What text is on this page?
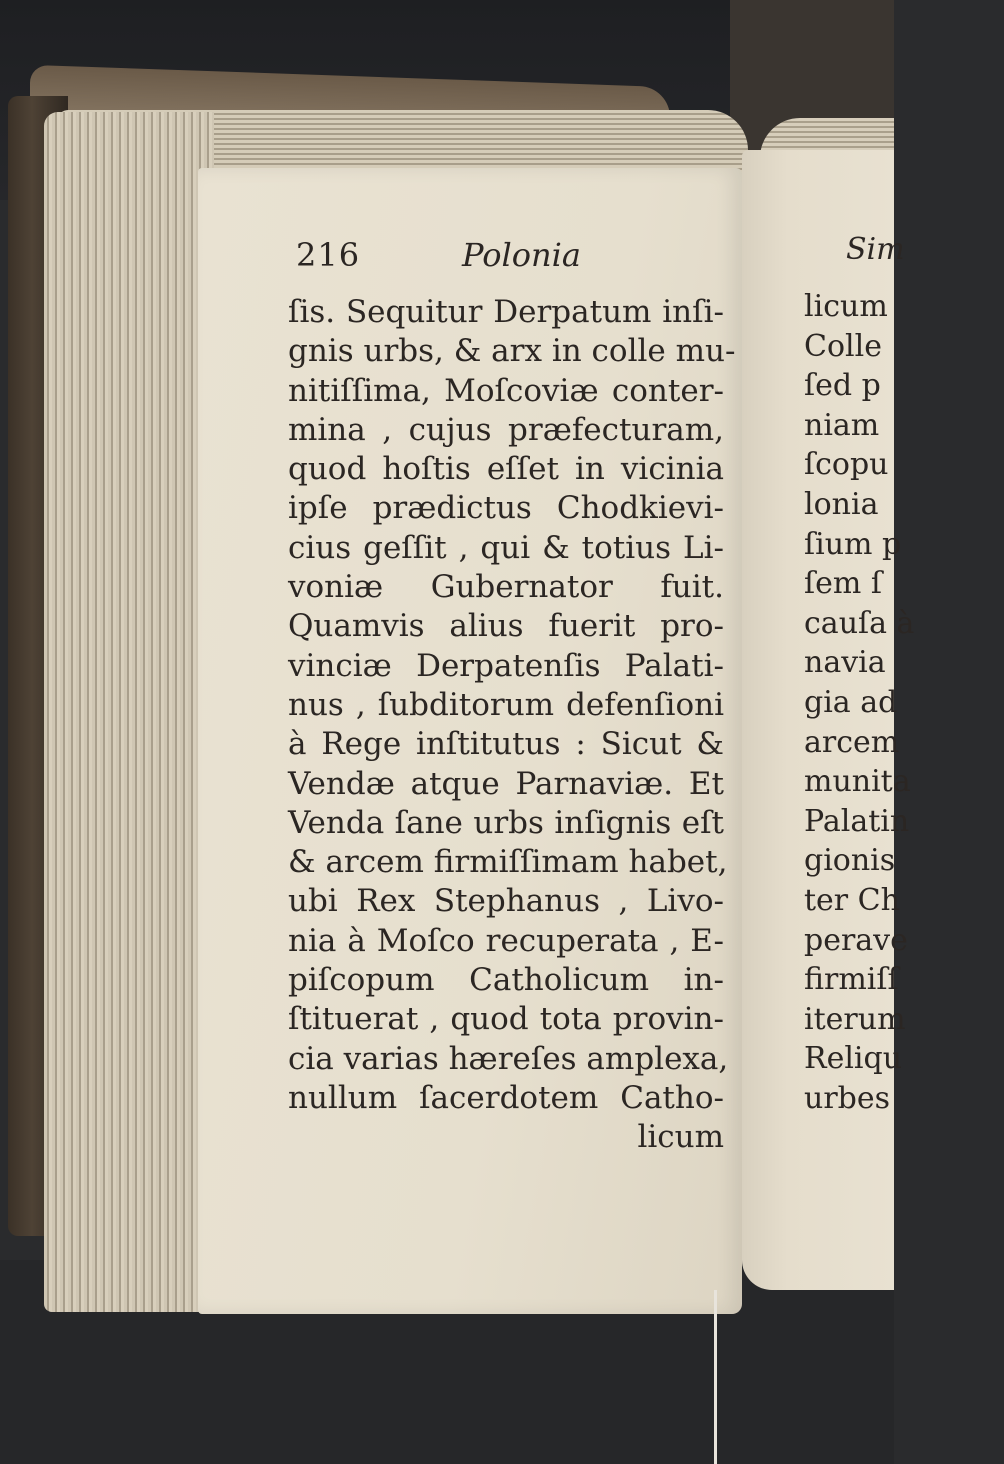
216	Polonia
ſis. Sequitur Derpatum inſi-
gnis urbs, & arx in colle mu-
nitiſſima, Moſcoviæ conter-
mina , cujus præfecturam,
quod hoſtis eſſet in vicinia
ipſe prædictus Chodkievi-
cius geſſit , qui & totius Li-
voniæ Gubernator fuit.
Quamvis alius fuerit pro-
vinciæ Derpatenſis Palati-
nus , ſubditorum defenſioni
à Rege inſtitutus : Sicut &
Vendæ atque Parnaviæ. Et
Venda ſane urbs inſignis eſt
& arcem firmiſſimam habet,
ubi Rex Stephanus , Livo-
nia à Moſco recuperata , E-
piſcopum Catholicum in-
ſtituerat , quod tota provin-
cia varias hæreſes amplexa,
nullum ſacerdotem Catho-
licum
Sim
licum
Colle
ſed p
niam
ſcopu
lonia
ſium p
ſem ſ
cauſa à
navia
gia ad
arcem
munita
Palatin
gionis
ter Ch
perave
firmiſſ
iterum
Reliqu
urbes
